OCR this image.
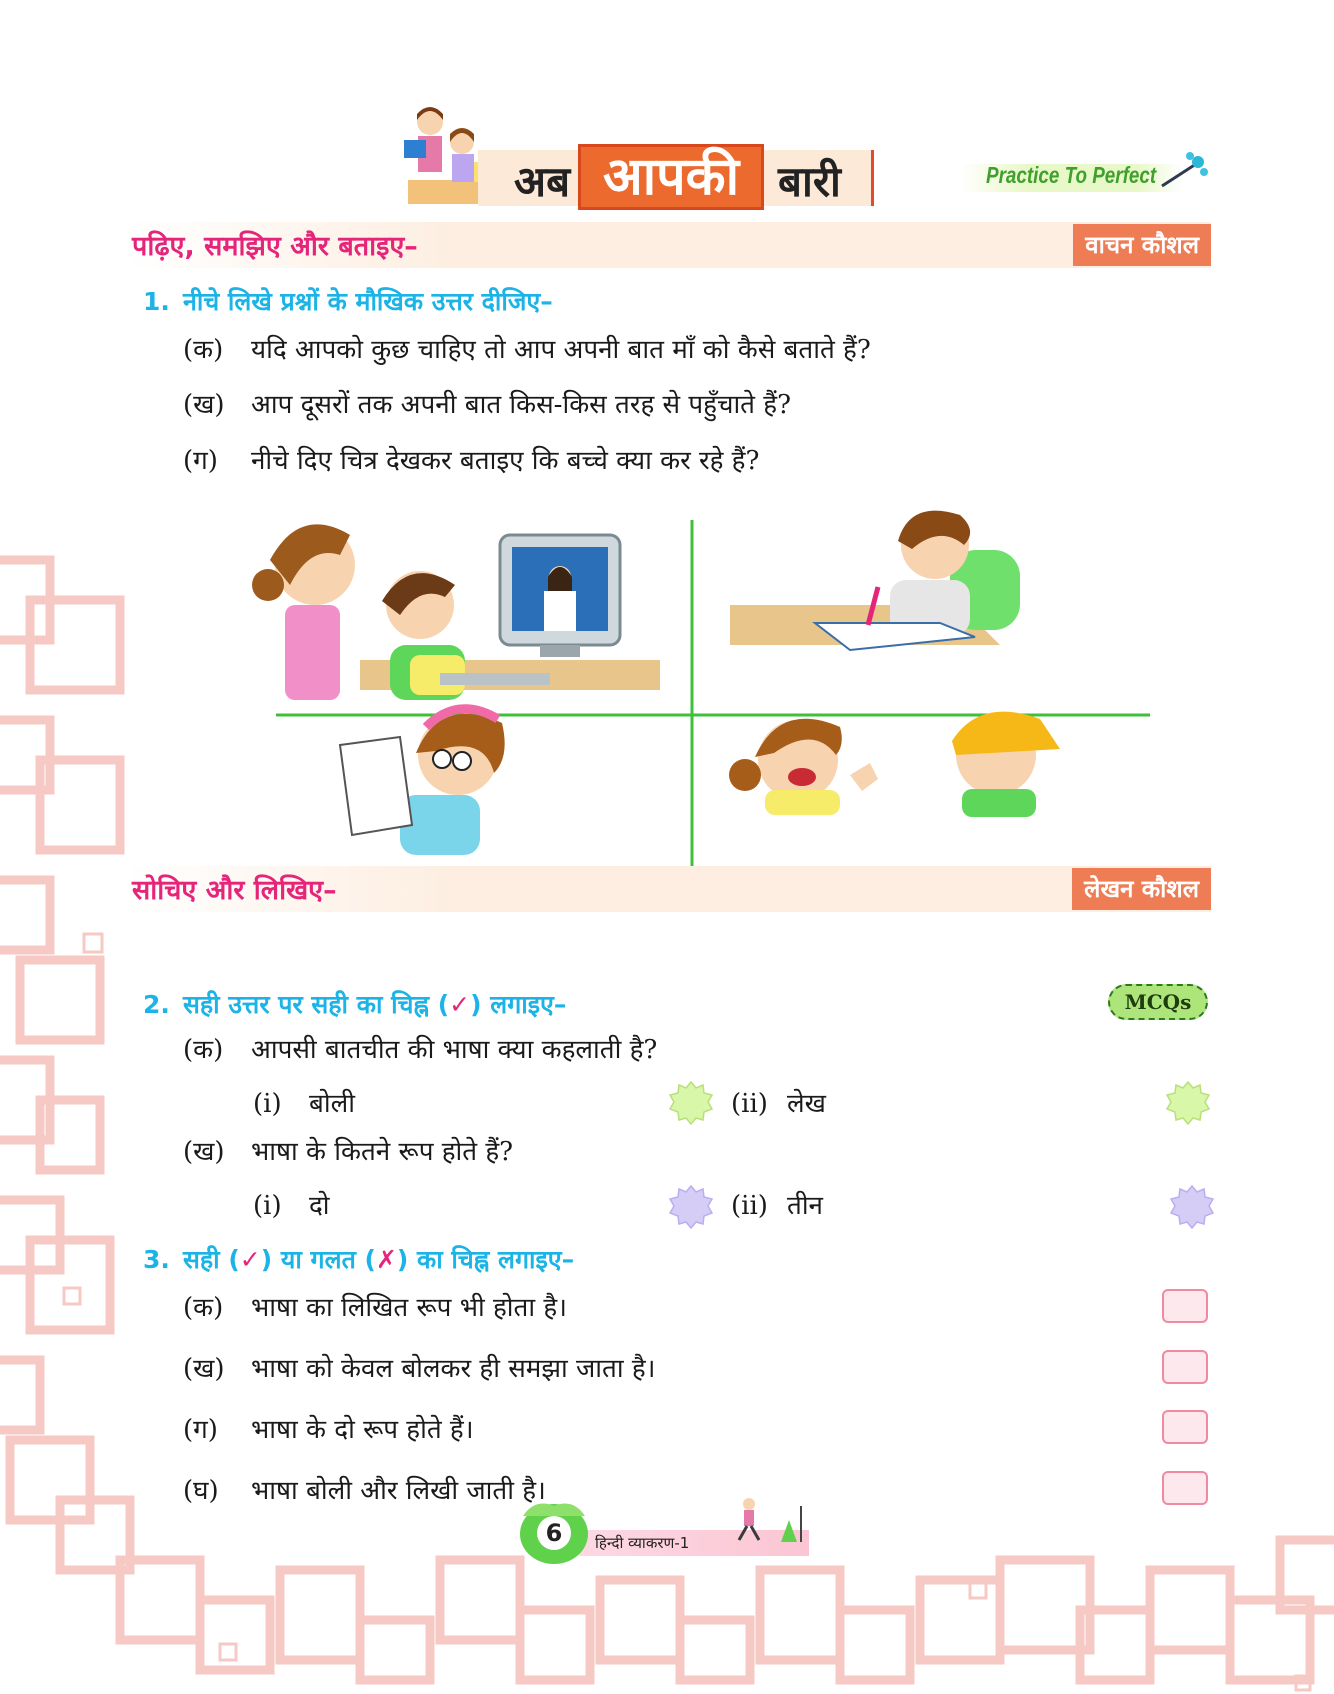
अब आपकी बारी	Practice To Perfect
पढ़िए, समझिए और बताइए–	वाचन कौशल
1. नीचे लिखे प्रश्नों के मौखिक उत्तर दीजिए–
(क) यदि आपको कुछ चाहिए तो आप अपनी बात माँ को कैसे बताते हैं?
(ख) आप दूसरों तक अपनी बात किस-किस तरह से पहुँचाते हैं?
(ग) नीचे दिए चित्र देखकर बताइए कि बच्चे क्या कर रहे हैं?
सोचिए और लिखिए–	लेखन कौशल
2. सही उत्तर पर सही का चिह्न (✓) लगाइए–	MCQs
(क) आपसी बातचीत की भाषा क्या कहलाती है?
(i) बोली	(ii) लेख
(ख) भाषा के कितने रूप होते हैं?
(i) दो	(ii) तीन
3. सही (✓) या गलत (✗) का चिह्न लगाइए–
(क) भाषा का लिखित रूप भी होता है।
(ख) भाषा को केवल बोलकर ही समझा जाता है।
(ग) भाषा के दो रूप होते हैं।
(घ) भाषा बोली और लिखी जाती है।
6	हिन्दी व्याकरण-1
